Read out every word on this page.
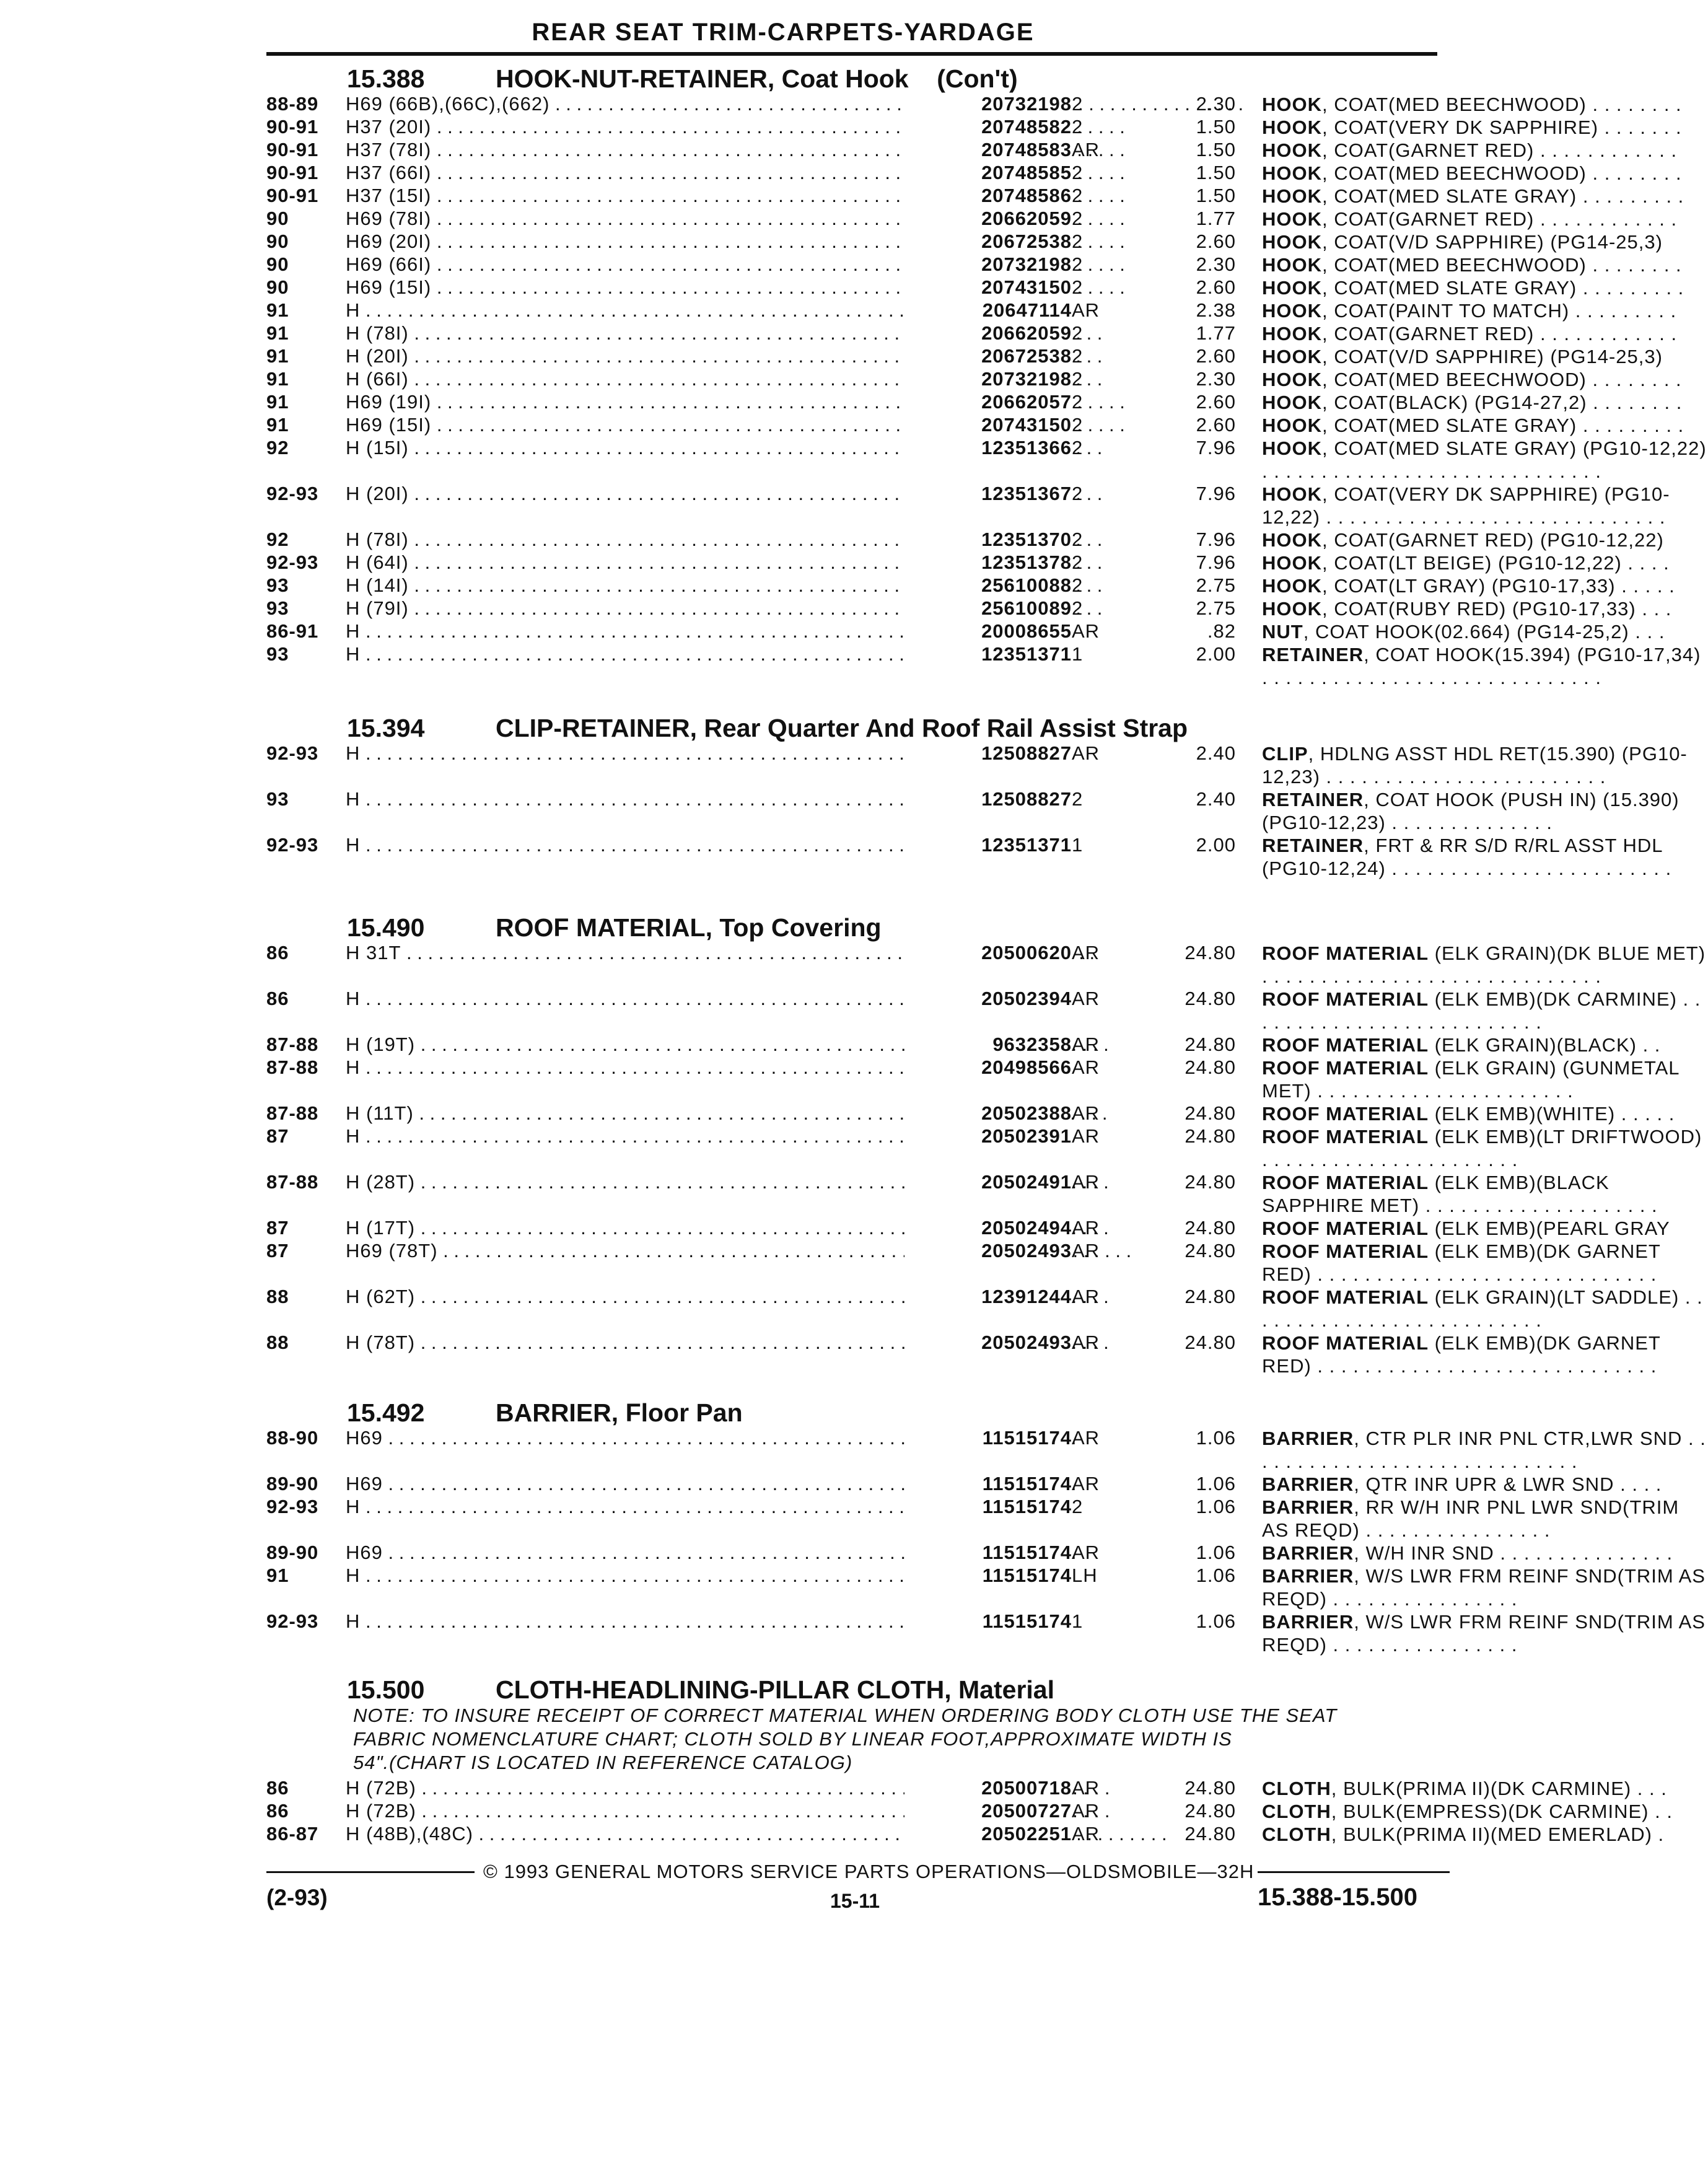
REAR SEAT TRIM-CARPETS-YARDAGE
15.388	HOOK-NUT-RETAINER, Coat Hook (Con't)
88-89	H69 (66B),(66C),(662) . . .	20732198 2	2.30 HOOK, COAT(MED BEECHWOOD) . . . . . . . .
90-91	H37 (20I) . . .	20748582 2	1.50 HOOK, COAT(VERY DK SAPPHIRE) . . . . . . .
90-91	H37 (78I) . . .	20748583 AR	1.50 HOOK, COAT(GARNET RED) . . . . . . . . . . . .
90-91	H37 (66I) . . .	20748585 2	1.50 HOOK, COAT(MED BEECHWOOD) . . . . . . . .
90-91	H37 (15I) . . .	20748586 2	1.50 HOOK, COAT(MED SLATE GRAY) . . . . . . . . .
90	H69 (78I) . . .	20662059 2	1.77 HOOK, COAT(GARNET RED) . . . . . . . . . . . .
90	H69 (20I) . . .	20672538 2	2.60 HOOK, COAT(V/D SAPPHIRE) (PG14-25,3)
90	H69 (66I) . . .	20732198 2	2.30 HOOK, COAT(MED BEECHWOOD) . . . . . . . .
90	H69 (15I) . . .	20743150 2	2.60 HOOK, COAT(MED SLATE GRAY) . . . . . . . . .
91	H . . .	20647114 AR	2.38 HOOK, COAT(PAINT TO MATCH) . . . . . . . . .
91	H (78I) . . .	20662059 2	1.77 HOOK, COAT(GARNET RED) . . . . . . . . . . . .
91	H (20I) . . .	20672538 2	2.60 HOOK, COAT(V/D SAPPHIRE) (PG14-25,3)
91	H (66I) . . .	20732198 2	2.30 HOOK, COAT(MED BEECHWOOD) . . . . . . . .
91	H69 (19I) . . .	20662057 2	2.60 HOOK, COAT(BLACK) (PG14-27,2) . . . . . . . .
91	H69 (15I) . . .	20743150 2	2.60 HOOK, COAT(MED SLATE GRAY) . . . . . . . . .
92	H (15I) . . .	12351366 2	7.96 HOOK, COAT(MED SLATE GRAY) (PG10-12,22) . . . . . . . . . . . . . . . . . . . . . . . . . . . . .
92-93	H (20I) . . .	12351367 2	7.96 HOOK, COAT(VERY DK SAPPHIRE) (PG10-12,22) . . . . . . . . . . . . . . . . . . . . . . . . . . . . .
92	H (78I) . . .	12351370 2	7.96 HOOK, COAT(GARNET RED) (PG10-12,22)
92-93	H (64I) . . .	12351378 2	7.96 HOOK, COAT(LT BEIGE) (PG10-12,22) . . . .
93	H (14I) . . .	25610088 2	2.75 HOOK, COAT(LT GRAY) (PG10-17,33) . . . . .
93	H (79I) . . .	25610089 2	2.75 HOOK, COAT(RUBY RED) (PG10-17,33) . . .
86-91	H . . .	20008655 AR	.82 NUT, COAT HOOK(02.664) (PG14-25,2) . . .
93	H . . .	12351371 1	2.00 RETAINER, COAT HOOK(15.394) (PG10-17,34) . . . . . . . . . . . . . . . . . . . . . . . . . . . . .
15.394	CLIP-RETAINER, Rear Quarter And Roof Rail Assist Strap
92-93	H . . .	12508827 AR	2.40 CLIP, HDLNG ASST HDL RET(15.390) (PG10-12,23) . . . . . . . . . . . . . . . . . . . . . . . .
93	H . . .	12508827 2	2.40 RETAINER, COAT HOOK (PUSH IN) (15.390) (PG10-12,23) . . . . . . . . . . . . . .
92-93	H . . .	12351371 1	2.00 RETAINER, FRT & RR S/D R/RL ASST HDL (PG10-12,24) . . . . . . . . . . . . . . . . . . . . . . . .
15.490	ROOF MATERIAL, Top Covering
86	H 31T . . .	20500620 AR	24.80 ROOF MATERIAL (ELK GRAIN)(DK BLUE MET) . . . . . . . . . . . . . . . . . . . . . . . . . . . . .
86	H . . .	20502394 AR	24.80 ROOF MATERIAL (ELK EMB)(DK CARMINE) . . . . . . . . . . . . . . . . . . . . . . . . . .
87-88	H (19T) . . .	9632358 AR	24.80 ROOF MATERIAL (ELK GRAIN)(BLACK) . .
87-88	H . . .	20498566 AR	24.80 ROOF MATERIAL (ELK GRAIN) (GUNMETAL MET) . . . . . . . . . . . . . . . . . . . . . .
87-88	H (11T) . . .	20502388 AR	24.80 ROOF MATERIAL (ELK EMB)(WHITE) . . . . .
87	H . . .	20502391 AR	24.80 ROOF MATERIAL (ELK EMB)(LT DRIFTWOOD) . . . . . . . . . . . . . . . . . . . . . .
87-88	H (28T) . . .	20502491 AR	24.80 ROOF MATERIAL (ELK EMB)(BLACK SAPPHIRE MET) . . . . . . . . . . . . . . . . . . . .
87	H (17T) . . .	20502494 AR	24.80 ROOF MATERIAL (ELK EMB)(PEARL GRAY
87	H69 (78T) . . .	20502493 AR	24.80 ROOF MATERIAL (ELK EMB)(DK GARNET RED) . . . . . . . . . . . . . . . . . . . . . . . . . . . . .
88	H (62T) . . .	12391244 AR	24.80 ROOF MATERIAL (ELK GRAIN)(LT SADDLE) . . . . . . . . . . . . . . . . . . . . . . . . . .
88	H (78T) . . .	20502493 AR	24.80 ROOF MATERIAL (ELK EMB)(DK GARNET RED) . . . . . . . . . . . . . . . . . . . . . . . . . . . . .
15.492	BARRIER, Floor Pan
88-90	H69 . . .	11515174 AR	1.06 BARRIER, CTR PLR INR PNL CTR,LWR SND . . . . . . . . . . . . . . . . . . . . . . . . . . . . .
89-90	H69 . . .	11515174 AR	1.06 BARRIER, QTR INR UPR & LWR SND . . . .
92-93	H . . .	11515174 2	1.06 BARRIER, RR W/H INR PNL LWR SND(TRIM AS REQD) . . . . . . . . . . . . . . . .
89-90	H69 . . .	11515174 AR	1.06 BARRIER, W/H INR SND . . . . . . . . . . . . . . .
91	H . . .	11515174 LH	1.06 BARRIER, W/S LWR FRM REINF SND(TRIM AS REQD) . . . . . . . . . . . . . . . .
92-93	H . . .	11515174 1	1.06 BARRIER, W/S LWR FRM REINF SND(TRIM AS REQD) . . . . . . . . . . . . . . . .
15.500	CLOTH-HEADLINING-PILLAR CLOTH, Material
NOTE: TO INSURE RECEIPT OF CORRECT MATERIAL WHEN ORDERING BODY CLOTH USE THE SEAT
FABRIC NOMENCLATURE CHART; CLOTH SOLD BY LINEAR FOOT,APPROXIMATE WIDTH IS
54".(CHART IS LOCATED IN REFERENCE CATALOG)
86	H (72B) . . .	20500718 AR	24.80 CLOTH, BULK(PRIMA II)(DK CARMINE) . . .
86	H (72B) . . .	20500727 AR	24.80 CLOTH, BULK(EMPRESS)(DK CARMINE) . .
86-87	H (48B),(48C) . . .	20502251 AR	24.80 CLOTH, BULK(PRIMA II)(MED EMERLAD) .
© 1993 GENERAL MOTORS SERVICE PARTS OPERATIONS—OLDSMOBILE—32H
(2-93)	15-11	15.388-15.500
